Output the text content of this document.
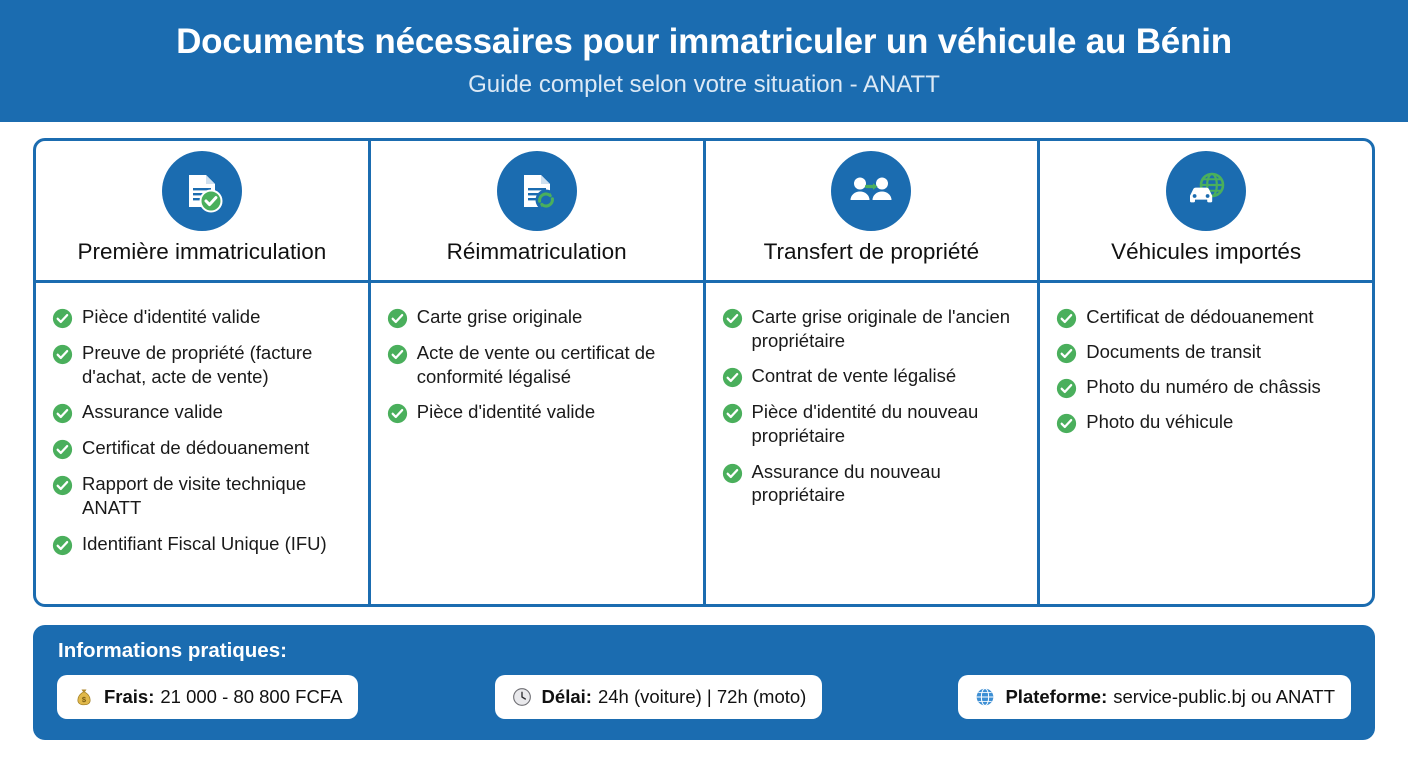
Documents nécessaires pour immatriculer un véhicule au Bénin
Guide complet selon votre situation - ANATT
Première immatriculation
Pièce d'identité valide
Preuve de propriété (facture d'achat, acte de vente)
Assurance valide
Certificat de dédouanement
Rapport de visite technique ANATT
Identifiant Fiscal Unique (IFU)
Réimmatriculation
Carte grise originale
Acte de vente ou certificat de conformité légalisé
Pièce d'identité valide
Transfert de propriété
Carte grise originale de l'ancien propriétaire
Contrat de vente légalisé
Pièce d'identité du nouveau propriétaire
Assurance du nouveau propriétaire
Véhicules importés
Certificat de dédouanement
Documents de transit
Photo du numéro de châssis
Photo du véhicule
Informations pratiques:
$ Frais: 21 000 - 80 800 FCFA	Délai: 24h (voiture) | 72h (moto)	Plateforme: service-public.bj ou ANATT
